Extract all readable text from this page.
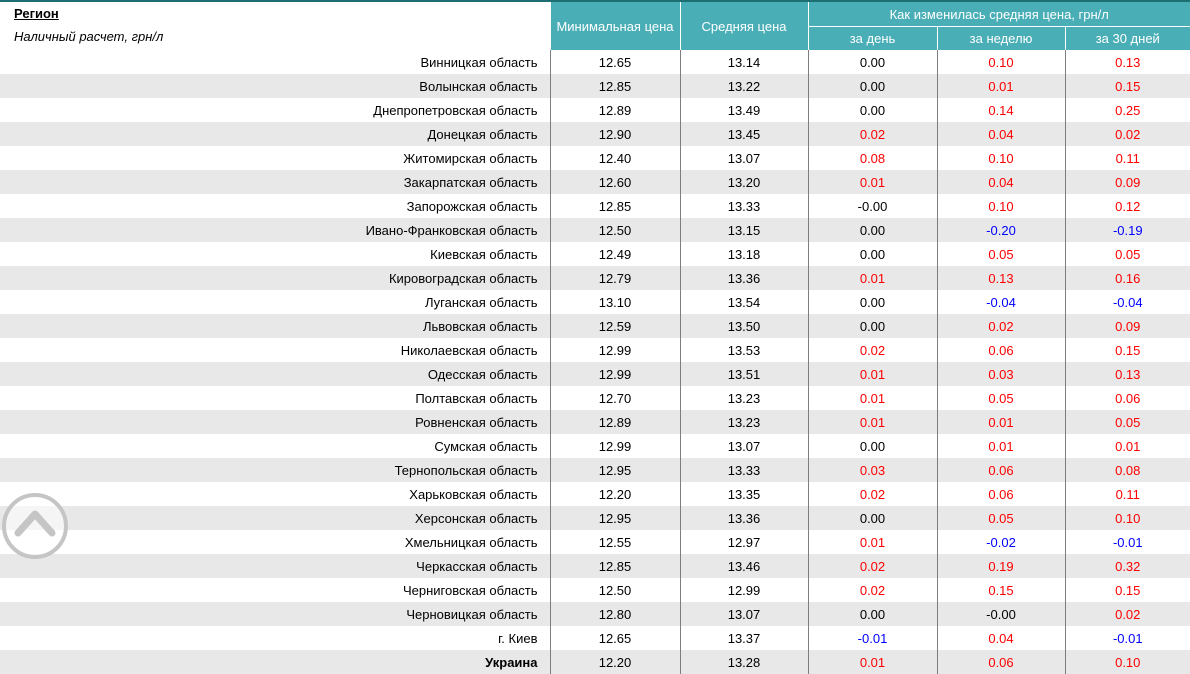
Регион
Наличный расчет, грн/л	Минимальная цена	Средняя цена	Как изменилась средняя цена, грн/л		
			за день	за неделю	за 30 дней
Винницкая область	12.65	13.14	0.00	0.10	0.13
Волынская область	12.85	13.22	0.00	0.01	0.15
Днепропетровская область	12.89	13.49	0.00	0.14	0.25
Донецкая область	12.90	13.45	0.02	0.04	0.02
Житомирская область	12.40	13.07	0.08	0.10	0.11
Закарпатская область	12.60	13.20	0.01	0.04	0.09
Запорожская область	12.85	13.33	-0.00	0.10	0.12
Ивано-Франковская область	12.50	13.15	0.00	-0.20	-0.19
Киевская область	12.49	13.18	0.00	0.05	0.05
Кировоградская область	12.79	13.36	0.01	0.13	0.16
Луганская область	13.10	13.54	0.00	-0.04	-0.04
Львовская область	12.59	13.50	0.00	0.02	0.09
Николаевская область	12.99	13.53	0.02	0.06	0.15
Одесская область	12.99	13.51	0.01	0.03	0.13
Полтавская область	12.70	13.23	0.01	0.05	0.06
Ровненская область	12.89	13.23	0.01	0.01	0.05
Сумская область	12.99	13.07	0.00	0.01	0.01
Тернопольская область	12.95	13.33	0.03	0.06	0.08
Харьковская область	12.20	13.35	0.02	0.06	0.11
Херсонская область	12.95	13.36	0.00	0.05	0.10
Хмельницкая область	12.55	12.97	0.01	-0.02	-0.01
Черкасская область	12.85	13.46	0.02	0.19	0.32
Черниговская область	12.50	12.99	0.02	0.15	0.15
Черновицкая область	12.80	13.07	0.00	-0.00	0.02
г. Киев	12.65	13.37	-0.01	0.04	-0.01
Украина	12.20	13.28	0.01	0.06	0.10
